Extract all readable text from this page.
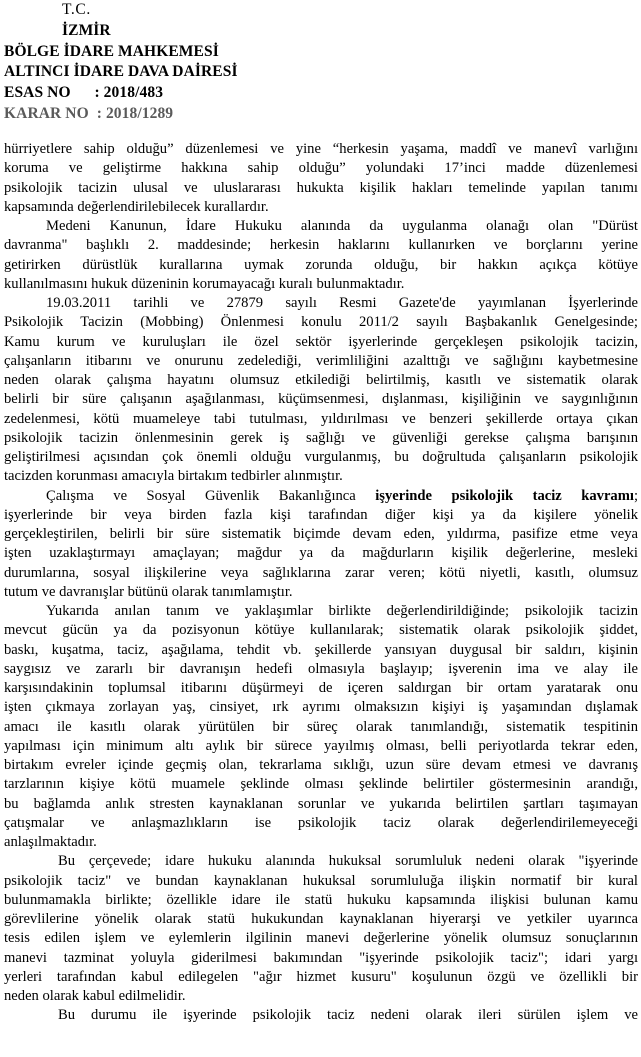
T.C.
İZMİR
BÖLGE İDARE MAHKEMESİ
ALTINCI İDARE DAVA DAİRESİ
ESAS NO      : 2018/483
KARAR NO  : 2018/1289

hürriyetlere sahip olduğu” düzenlemesi ve yine “herkesin yaşama, maddî ve manevî varlığını

koruma ve geliştirme hakkına sahip olduğu” yolundaki 17’inci madde düzenlemesi

psikolojik tacizin ulusal ve uluslararası hukukta kişilik hakları temelinde yapılan tanımı

kapsamında değerlendirilebilecek kurallardır.

Medeni Kanunun, İdare Hukuku alanında da uygulanma olanağı olan "Dürüst

davranma" başlıklı 2. maddesinde; herkesin haklarını kullanırken ve borçlarını yerine

getirirken dürüstlük kurallarına uymak zorunda olduğu, bir hakkın açıkça kötüye

kullanılmasını hukuk düzeninin korumayacağı kuralı bulunmaktadır.

19.03.2011 tarihli ve 27879 sayılı Resmi Gazete'de yayımlanan İşyerlerinde

Psikolojik Tacizin (Mobbing) Önlenmesi konulu 2011/2 sayılı Başbakanlık Genelgesinde;

Kamu kurum ve kuruluşları ile özel sektör işyerlerinde gerçekleşen psikolojik tacizin,

çalışanların itibarını ve onurunu zedelediği, verimliliğini azalttığı ve sağlığını kaybetmesine

neden olarak çalışma hayatını olumsuz etkilediği belirtilmiş, kasıtlı ve sistematik olarak

belirli bir süre çalışanın aşağılanması, küçümsenmesi, dışlanması, kişiliğinin ve saygınlığının

zedelenmesi, kötü muameleye tabi tutulması, yıldırılması ve benzeri şekillerde ortaya çıkan

psikolojik tacizin önlenmesinin gerek iş sağlığı ve güvenliği gerekse çalışma barışının

geliştirilmesi açısından çok önemli olduğu vurgulanmış, bu doğrultuda çalışanların psikolojik

tacizden korunması amacıyla birtakım tedbirler alınmıştır.

Çalışma ve Sosyal Güvenlik Bakanlığınca işyerinde psikolojik taciz kavramı;

işyerlerinde bir veya birden fazla kişi tarafından diğer kişi ya da kişilere yönelik

gerçekleştirilen, belirli bir süre sistematik biçimde devam eden, yıldırma, pasifize etme veya

işten uzaklaştırmayı amaçlayan; mağdur ya da mağdurların kişilik değerlerine, mesleki

durumlarına, sosyal ilişkilerine veya sağlıklarına zarar veren; kötü niyetli, kasıtlı, olumsuz

tutum ve davranışlar bütünü olarak tanımlamıştır.

Yukarıda anılan tanım ve yaklaşımlar birlikte değerlendirildiğinde; psikolojik tacizin

mevcut gücün ya da pozisyonun kötüye kullanılarak; sistematik olarak psikolojik şiddet,

baskı, kuşatma, taciz, aşağılama, tehdit vb. şekillerde yansıyan duygusal bir saldırı, kişinin

saygısız ve zararlı bir davranışın hedefi olmasıyla başlayıp; işverenin ima ve alay ile

karşısındakinin toplumsal itibarını düşürmeyi de içeren saldırgan bir ortam yaratarak onu

işten çıkmaya zorlayan yaş, cinsiyet, ırk ayrımı olmaksızın kişiyi iş yaşamından dışlamak

amacı ile kasıtlı olarak yürütülen bir süreç olarak tanımlandığı, sistematik tespitinin

yapılması için minimum altı aylık bir sürece yayılmış olması, belli periyotlarda tekrar eden,

birtakım evreler içinde geçmiş olan, tekrarlama sıklığı, uzun süre devam etmesi ve davranış

tarzlarının kişiye kötü muamele şeklinde olması şeklinde belirtiler göstermesinin arandığı,

bu bağlamda anlık stresten kaynaklanan sorunlar ve yukarıda belirtilen şartları taşımayan

çatışmalar ve anlaşmazlıkların ise psikolojik taciz olarak değerlendirilemeyeceği

anlaşılmaktadır.

Bu çerçevede; idare hukuku alanında hukuksal sorumluluk nedeni olarak "işyerinde

psikolojik taciz" ve bundan kaynaklanan hukuksal sorumluluğa ilişkin normatif bir kural

bulunmamakla birlikte; özellikle idare ile statü hukuku kapsamında ilişkisi bulunan kamu

görevlilerine yönelik olarak statü hukukundan kaynaklanan hiyerarşi ve yetkiler uyarınca

tesis edilen işlem ve eylemlerin ilgilinin manevi değerlerine yönelik olumsuz sonuçlarının

manevi tazminat yoluyla giderilmesi bakımından "işyerinde psikolojik taciz"; idari yargı

yerleri tarafından kabul edilegelen "ağır hizmet kusuru" koşulunun özgü ve özellikli bir

neden olarak kabul edilmelidir.

Bu durumu ile işyerinde psikolojik taciz nedeni olarak ileri sürülen işlem ve
